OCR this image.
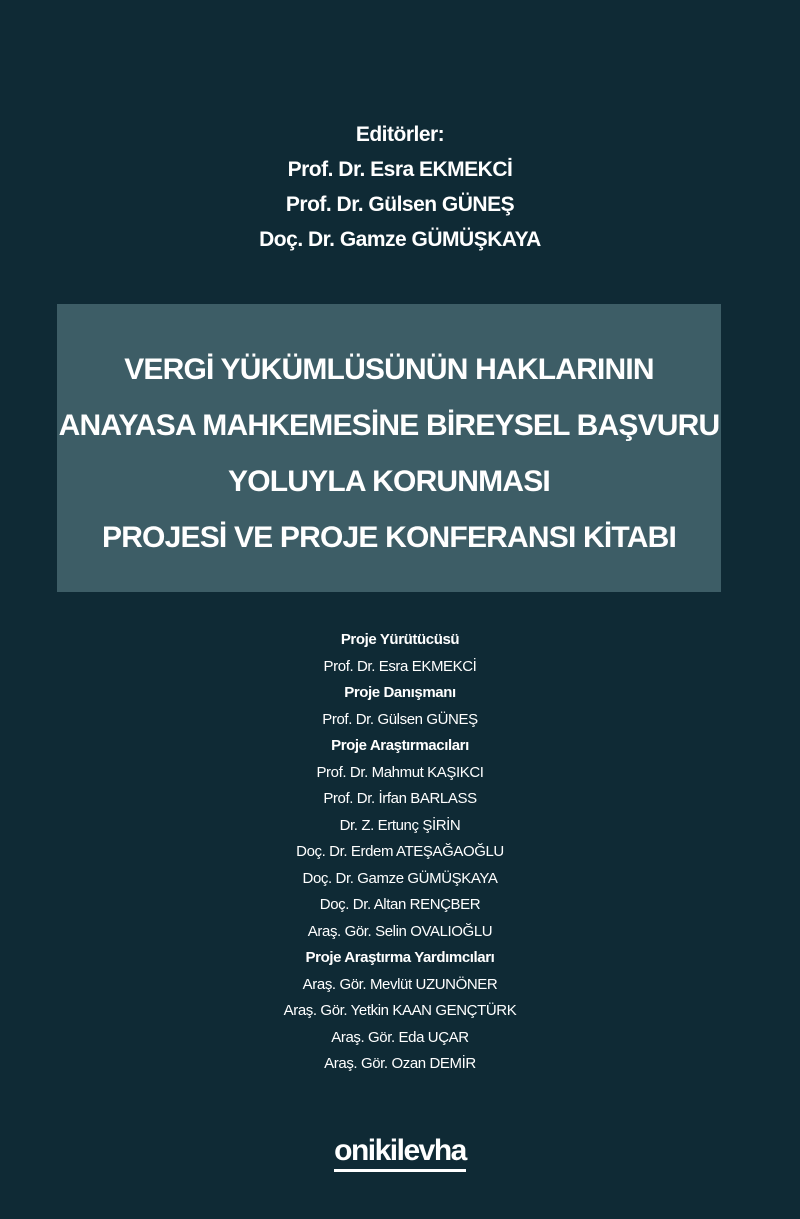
Editörler:
Prof. Dr. Esra EKMEKCİ
Prof. Dr. Gülsen GÜNEŞ
Doç. Dr. Gamze GÜMÜŞKAYA
VERGİ YÜKÜMLÜSÜNÜN HAKLARININ
ANAYASA MAHKEMESİNE BİREYSEL BAŞVURU
YOLUYLA KORUNMASI
PROJESİ VE PROJE KONFERANSI KİTABI
Proje Yürütücüsü
Prof. Dr. Esra EKMEKCİ
Proje Danışmanı
Prof. Dr. Gülsen GÜNEŞ
Proje Araştırmacıları
Prof. Dr. Mahmut KAŞIKCI
Prof. Dr. İrfan BARLASS
Dr. Z. Ertunç ŞİRİN
Doç. Dr. Erdem ATEŞAĞAOĞLU
Doç. Dr. Gamze GÜMÜŞKAYA
Doç. Dr. Altan RENÇBER
Araş. Gör. Selin OVALIOĞLU
Proje Araştırma Yardımcıları
Araş. Gör. Mevlüt UZUNÖNER
Araş. Gör. Yetkin KAAN GENÇTÜRK
Araş. Gör. Eda UÇAR
Araş. Gör. Ozan DEMİR
onikilevha
